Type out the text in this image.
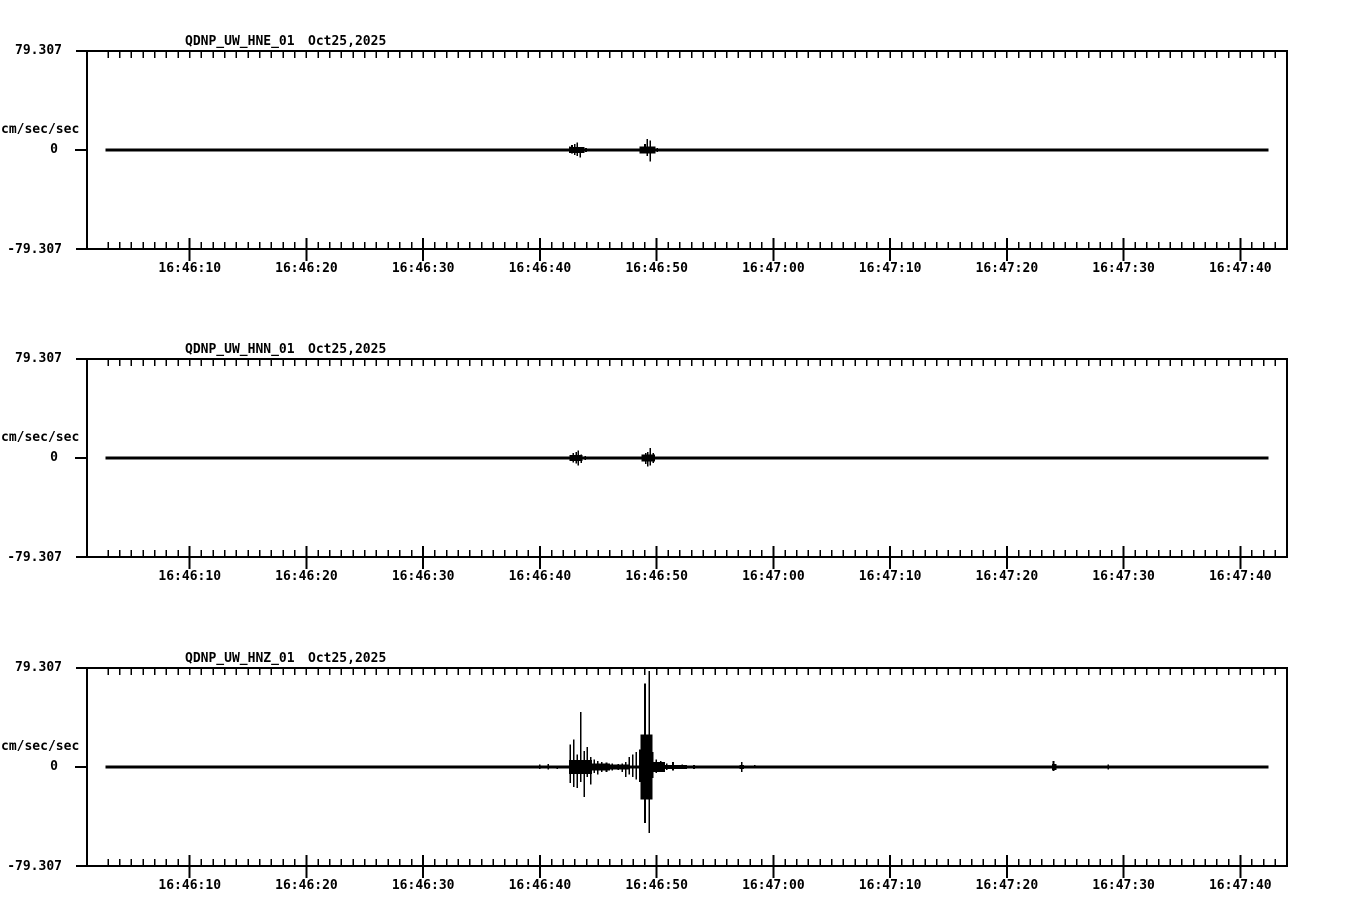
QDNP_UW_HNE_01 Oct25,2025
79.307
cm/sec/sec
0
-79.307
QDNP_UW_HNN_01 Oct25,2025
79.307
cm/sec/sec
0
-79.307
QDNP_UW_HNZ_01 Oct25,2025
79.307
cm/sec/sec
0
-79.307
16:46:10	16:46:20	16:46:30	16:46:40	16:46:50	16:47:00	16:47:10	16:47:20	16:47:30	16:47:40
16:46:10	16:46:20	16:46:30	16:46:40	16:46:50	16:47:00	16:47:10	16:47:20	16:47:30	16:47:40
16:46:10	16:46:20	16:46:30	16:46:40	16:46:50	16:47:00	16:47:10	16:47:20	16:47:30	16:47:40
